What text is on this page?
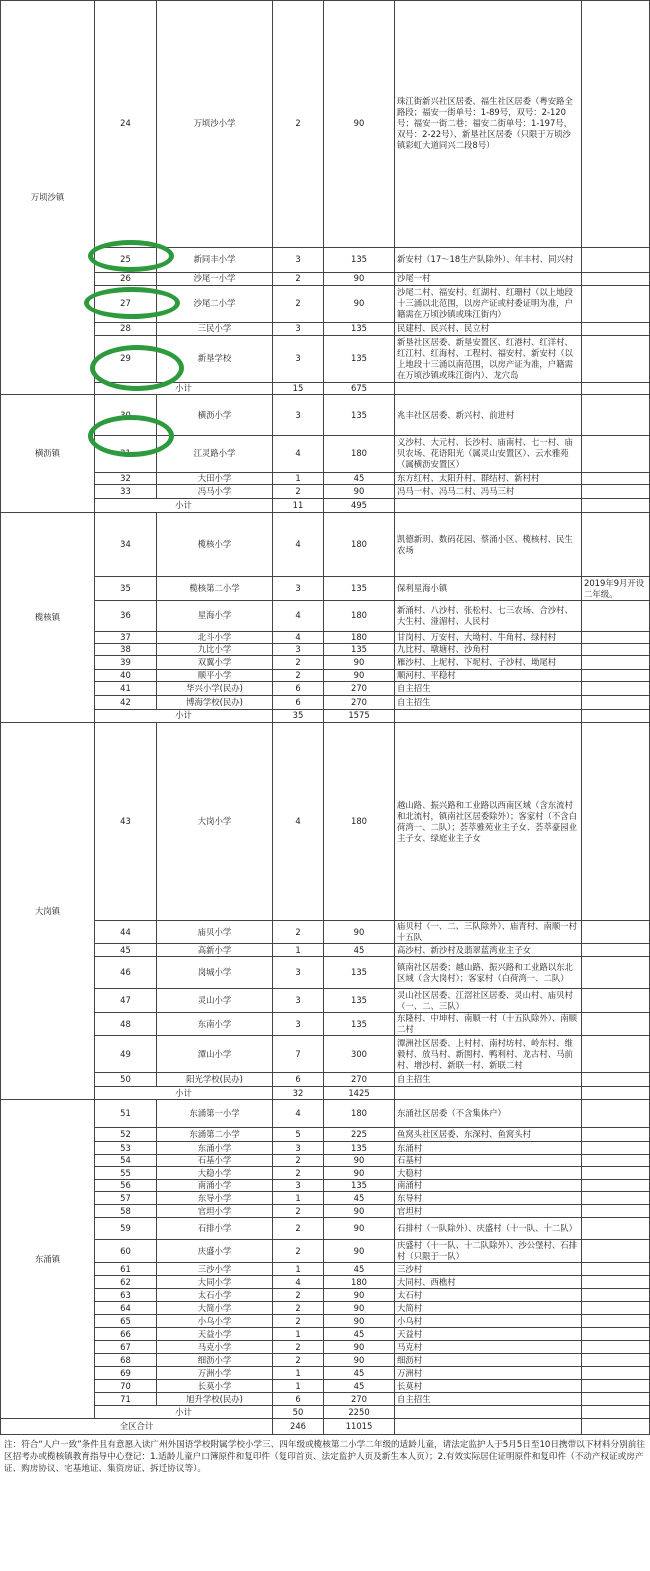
万顷沙镇	24	万顷沙小学	2	90	珠江街新兴社区居委、福生社区居委（粤安路全路段；福安一街单号：1-89号，双号：2-120号；福安一街二巷；福安二街单号：1-197号，双号：2-22号）、新垦社区居委（只限于万顷沙镇彩虹大道同兴二段8号）	
	25	新同丰小学	3	135	新安村（17～18生产队除外）、年丰村、同兴村	
	26	沙尾一小学	2	90	沙尾一村	
	27	沙尾二小学	2	90	沙尾二村、福安村、红湖村、红珊村（以上地段十三涌以北范围，以房产证或村委证明为准，户籍需在万顷沙镇或珠江街内）	
	28	三民小学	3	135	民建村、民兴村、民立村	
	29	新垦学校	3	135	新垦社区居委、新垦安置区、红港村、红洋村、红江村、红海村、工程村、福安村、新安村（以上地段十三涌以南范围，以房产证为准，户籍需在万顷沙镇或珠江街内）、龙穴岛	
	小计		15	675		
横沥镇	30	横沥小学	3	135	兆丰社区居委、新兴村、前进村	
	31	江灵路小学	4	180	义沙村、大元村、长沙村、庙南村、七一村、庙贝农场、花语阳光（属灵山安置区）、云水雅苑（属横沥安置区）	
	32	大田小学	1	45	东方红村、太阳升村、群结村、新村村	
	33	冯马小学	2	90	冯马一村、冯马二村、冯马三村	
	小计		11	495		
榄核镇	34	榄核小学	4	180	凯德新玥、数码花园、蔡涌小区、榄核村、民生农场	
	35	榄核第二小学	3	135	保利星海小镇	2019年9月开设二年级。
	36	星海小学	4	180	新涌村、八沙村、张松村、七三农场、合沙村、大生村、湴湄村、人民村	
	37	北斗小学	4	180	甘岗村、万安村、大坳村、牛角村、绿村村	
	38	九比小学	3	135	九比村、墩塘村、沙角村	
	39	双翼小学	2	90	雁沙村、上坭村、下坭村、子沙村、坳尾村	
	40	顺平小学	2	90	顺河村、平稳村	
	41	华兴小学(民办)	6	270	自主招生	
	42	博海学校(民办)	6	270	自主招生	
	小计		35	1575		
大岗镇	43	大岗小学	4	180	越山路、振兴路和工业路以西南区域（含东流村和北流村，镇南社区居委除外）；客家村（不含白荷湾一、二队）；荟萃雅苑业主子女、荟萃豪园业主子女、绿庭业主子女	
	44	庙贝小学	2	90	庙贝村（一、二、三队除外）、庙青村、南顺一村十五队	
	45	高新小学	1	45	高沙村、新沙村及翡翠蓝湾业主子女	
	46	岗城小学	3	135	镇南社区居委；越山路、振兴路和工业路以东北区域（含大岗村）；客家村（白荷湾一、二队）	
	47	灵山小学	3	135	灵山社区居委、江滘社区居委、灵山村、庙贝村（一、二、三队）	
	48	东南小学	3	135	东隆村、中坤村、南顺一村（十五队除外）、南顺二村	
	49	潭山小学	7	300	潭洲社区居委、上村村、南村坊村、岭东村、维毅村、放马村、新围村、鸭利村、龙古村、马前村、增沙村、新联一村、新联二村	
	50	阳光学校(民办)	6	270	自主招生	
	小计		32	1425		
东涌镇	51	东涌第一小学	4	180	东涌社区居委（不含集体户）	
	52	东涌第二小学	5	225	鱼窝头社区居委、东深村、鱼窝头村	
	53	东涌小学	3	135	东涌村	
	54	石基小学	2	90	石基村	
	55	大稳小学	2	90	大稳村	
	56	南涌小学	3	135	南涌村	
	57	东导小学	1	45	东导村	
	58	官坦小学	2	90	官坦村	
	59	石排小学	2	90	石排村（一队除外）、庆盛村（十一队、十二队）	
	60	庆盛小学	2	90	庆盛村（十一队、十二队除外）、沙公堡村、石排村（只限于一队）	
	61	三沙小学	1	45	三沙村	
	62	大同小学	4	180	大同村、西樵村	
	63	太石小学	2	90	太石村	
	64	大简小学	2	90	大简村	
	65	小乌小学	2	90	小乌村	
	66	天益小学	1	45	天益村	
	67	马克小学	2	90	马克村	
	68	细沥小学	2	90	细沥村	
	69	万洲小学	1	45	万洲村	
	70	长莫小学	1	45	长莫村	
	71	旭升学校(民办)	6	270	自主招生	
	小计		50	2250		
全区合计			246	11015		
注：符合“人户一致”条件且有意愿入读广州外国语学校附属学校小学三、四年级或榄核第二小学二年级的适龄儿童，请法定监护人于5月5日至10日携带以下材料分别前往区招考办或榄核镇教育指导中心登记：1.适龄儿童户口簿原件和复印件（复印首页、法定监护人页及新生本人页）；2.有效实际居住证明原件和复印件（不动产权证或房产证、购房协议、宅基地证、集资房证、拆迁协议等）。
